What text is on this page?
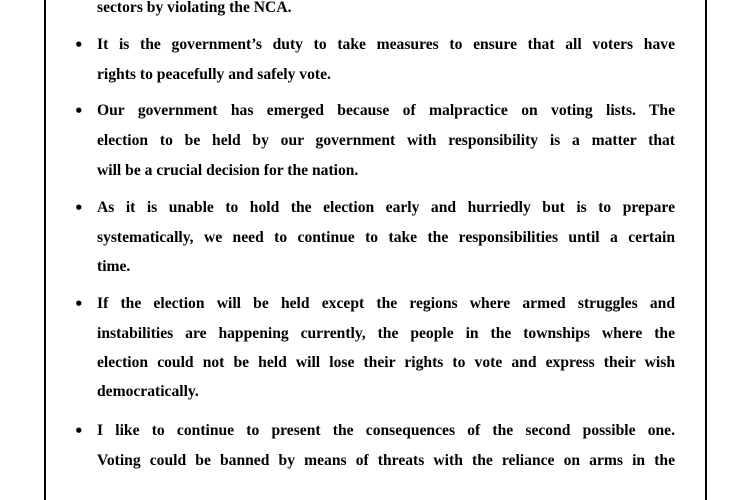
sectors by violating the NCA.
• It is the government’s duty to take measures to ensure that all voters have
rights to peacefully and safely vote.
• Our government has emerged because of malpractice on voting lists. The
election to be held by our government with responsibility is a matter that
will be a crucial decision for the nation.
• As it is unable to hold the election early and hurriedly but is to prepare
systematically, we need to continue to take the responsibilities until a certain
time.
• If the election will be held except the regions where armed struggles and
instabilities are happening currently, the people in the townships where the
election could not be held will lose their rights to vote and express their wish
democratically.
• I like to continue to present the consequences of the second possible one.
Voting could be banned by means of threats with the reliance on arms in the
